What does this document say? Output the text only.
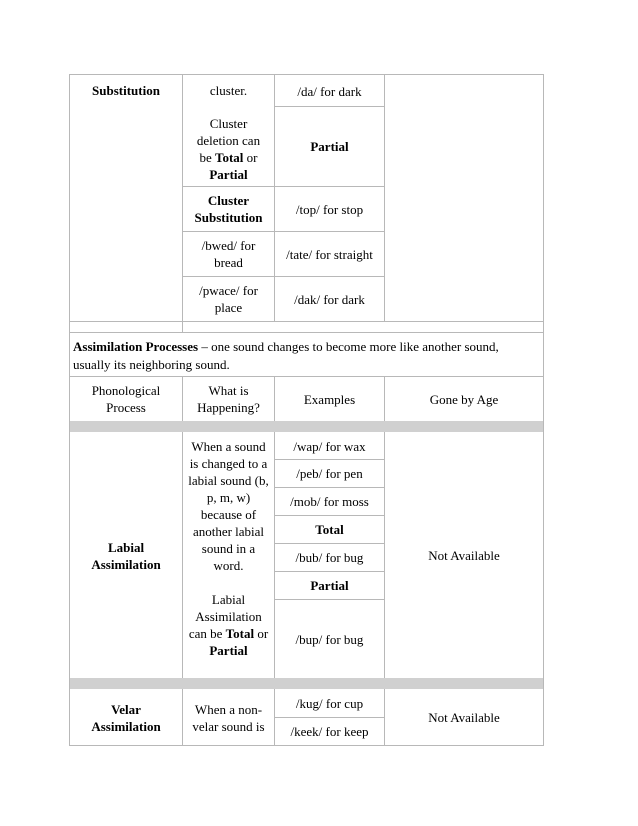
Substitution	cluster.
Cluster
deletion can
be Total or
Partial
/da/ for dark
Partial
Cluster Substitution
/top/ for stop
/bwed/ for bread
/tate/ for straight
/pwace/ for place
/dak/ for dark
Assimilation Processes – one sound changes to become more like another sound, usually its neighboring sound.
Phonological Process
What is Happening?
Examples	Gone by Age
Labial Assimilation
When a sound is changed to a labial sound (b, p, m, w) because of another labial sound in a word.
Labial Assimilation can be Total or Partial
/wap/ for wax
/peb/ for pen
/mob/ for moss
Total
/bub/ for bug
Partial
/bup/ for bug
Not Available
Velar Assimilation
When a non-velar sound is
/kug/ for cup
/keek/ for keep
Not Available
